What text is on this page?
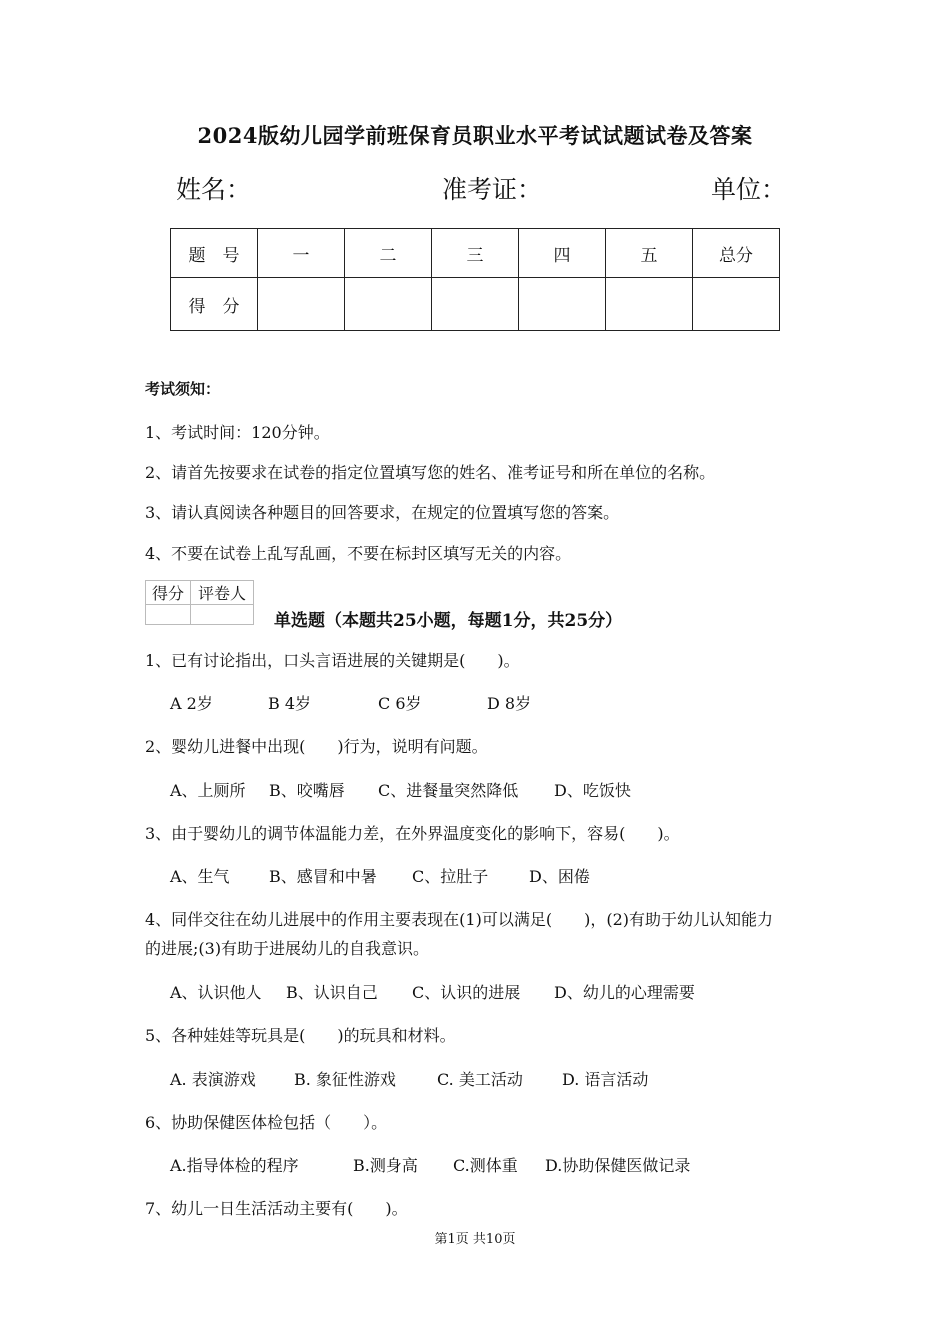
2024版幼儿园学前班保育员职业水平考试试题试卷及答案
姓名：	准考证：	单位：
题　号	一	二	三	四	五	总分
得　分						
考试须知：
1、考试时间：120分钟。
2、请首先按要求在试卷的指定位置填写您的姓名、准考证号和所在单位的名称。
3、请认真阅读各种题目的回答要求，在规定的位置填写您的答案。
4、不要在试卷上乱写乱画，不要在标封区填写无关的内容。
得分	评卷人

单选题（本题共25小题，每题1分，共25分）
1、已有讨论指出，口头言语进展的关键期是(　　)。
A 2岁	B 4岁	C 6岁	D 8岁
2、婴幼儿进餐中出现(　　)行为，说明有问题。
A、上厕所 B、咬嘴唇 C、进餐量突然降低 D、吃饭快
3、由于婴幼儿的调节体温能力差，在外界温度变化的影响下，容易(　　)。
A、生气 B、感冒和中暑 C、拉肚子	D、困倦
4、同伴交往在幼儿进展中的作用主要表现在(1)可以满足(　　)，(2)有助于幼儿认知能力
的进展;(3)有助于进展幼儿的自我意识。
A、认识他人 B、认识自己 C、认识的进展 D、幼儿的心理需要
5、各种娃娃等玩具是(　　)的玩具和材料。
A. 表演游戏 B. 象征性游戏	C. 美工活动 D. 语言活动
6、协助保健医体检包括（　　）。
A.指导体检的程序	B.测身高 C.测体重 D.协助保健医做记录
7、幼儿一日生活活动主要有(　　)。
第1页 共10页
